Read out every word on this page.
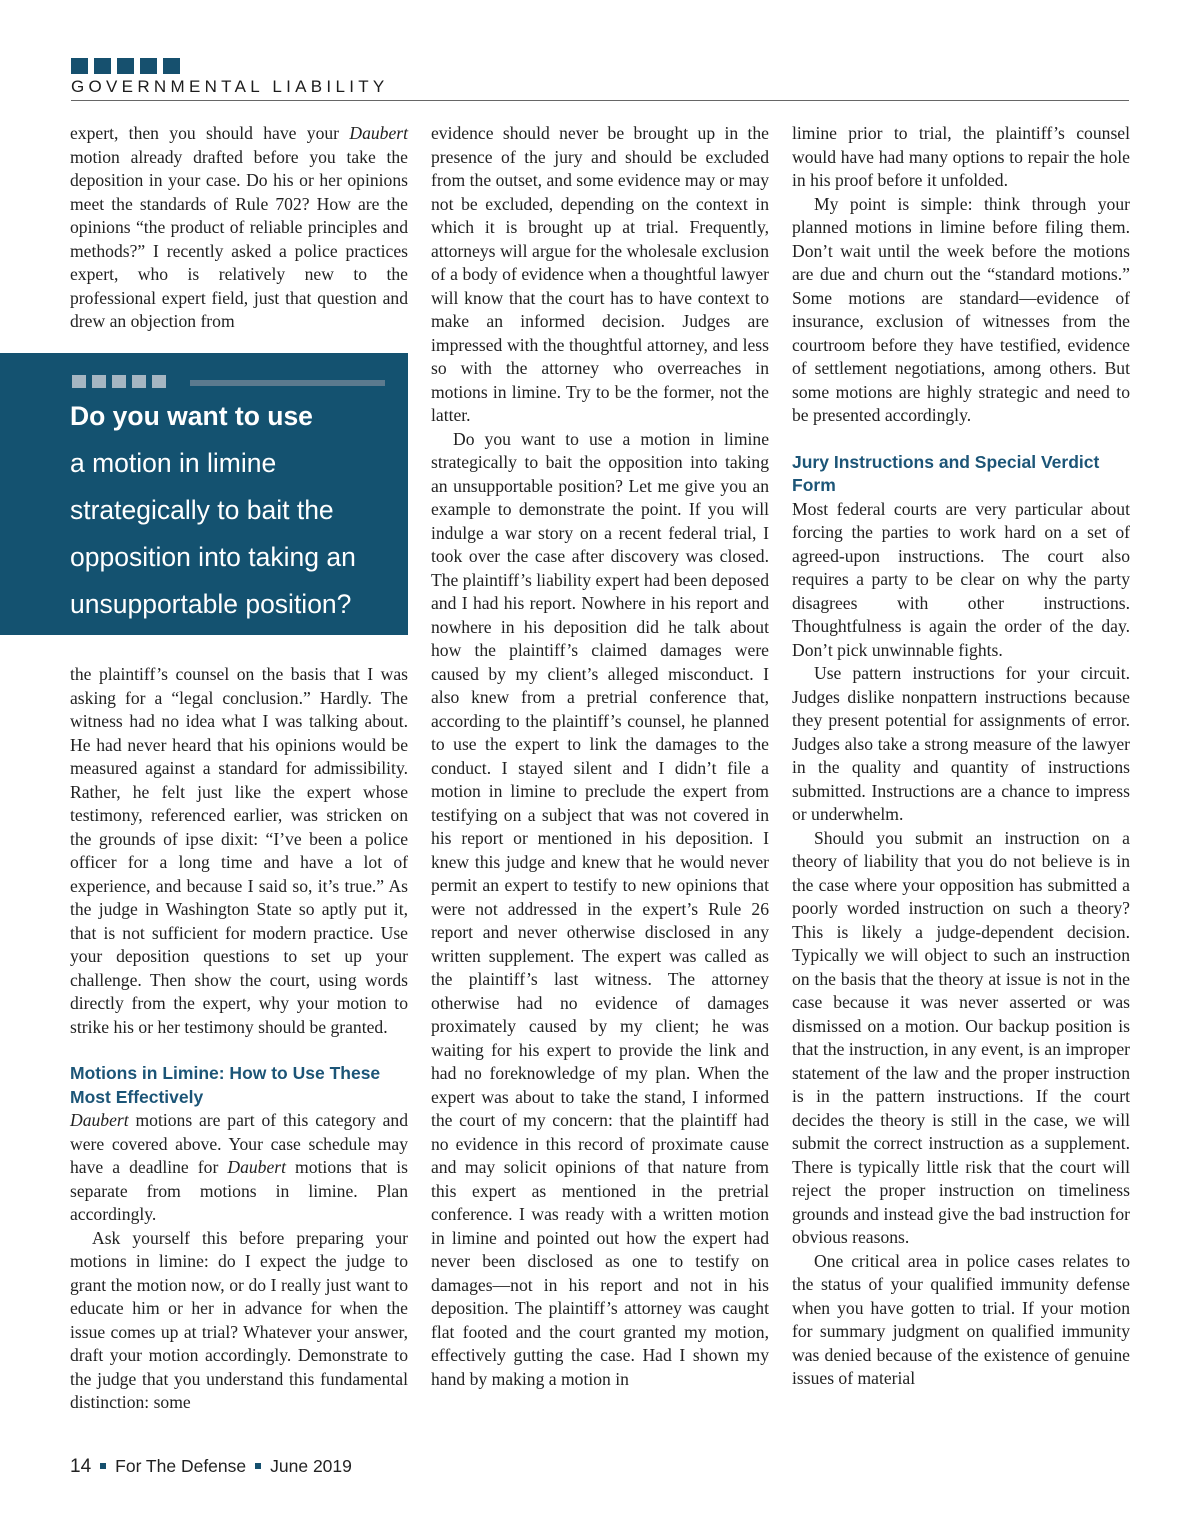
GOVERNMENTAL LIABILITY

expert, then you should have your Daubert motion already drafted before you take the deposition in your case. Do his or her opinions meet the standards of Rule 702? How are the opinions “the product of reliable principles and methods?” I recently asked a police practices expert, who is relatively new to the professional expert field, just that question and drew an objection from

Do you want to use
a motion in limine strategically to bait the opposition into taking an unsupportable position?

the plaintiff’s counsel on the basis that I was asking for a “legal conclusion.” Hardly. The witness had no idea what I was talking about. He had never heard that his opinions would be measured against a standard for admissibility. Rather, he felt just like the expert whose testimony, referenced earlier, was stricken on the grounds of ipse dixit: “I’ve been a police officer for a long time and have a lot of experience, and because I said so, it’s true.” As the judge in Washington State so aptly put it, that is not sufficient for modern practice. Use your deposition questions to set up your challenge. Then show the court, using words directly from the expert, why your motion to strike his or her testimony should be granted.

Motions in Limine: How to Use These Most Effectively

Daubert motions are part of this category and were covered above. Your case schedule may have a deadline for Daubert motions that is separate from motions in limine. Plan accordingly.

Ask yourself this before preparing your motions in limine: do I expect the judge to grant the motion now, or do I really just want to educate him or her in advance for when the issue comes up at trial? Whatever your answer, draft your motion accordingly. Demonstrate to the judge that you understand this fundamental distinction: some

evidence should never be brought up in the presence of the jury and should be excluded from the outset, and some evidence may or may not be excluded, depending on the context in which it is brought up at trial. Frequently, attorneys will argue for the wholesale exclusion of a body of evidence when a thoughtful lawyer will know that the court has to have context to make an informed decision. Judges are impressed with the thoughtful attorney, and less so with the attorney who overreaches in motions in limine. Try to be the former, not the latter.

Do you want to use a motion in limine strategically to bait the opposition into taking an unsupportable position? Let me give you an example to demonstrate the point. If you will indulge a war story on a recent federal trial, I took over the case after discovery was closed. The plaintiff’s liability expert had been deposed and I had his report. Nowhere in his report and nowhere in his deposition did he talk about how the plaintiff’s claimed damages were caused by my client’s alleged misconduct. I also knew from a pretrial conference that, according to the plaintiff’s counsel, he planned to use the expert to link the damages to the conduct. I stayed silent and I didn’t file a motion in limine to preclude the expert from testifying on a subject that was not covered in his report or mentioned in his deposition. I knew this judge and knew that he would never permit an expert to testify to new opinions that were not addressed in the expert’s Rule 26 report and never otherwise disclosed in any written supplement. The expert was called as the plaintiff’s last witness. The attorney otherwise had no evidence of damages proximately caused by my client; he was waiting for his expert to provide the link and had no foreknowledge of my plan. When the expert was about to take the stand, I informed the court of my concern: that the plaintiff had no evidence in this record of proximate cause and may solicit opinions of that nature from this expert as mentioned in the pretrial conference. I was ready with a written motion in limine and pointed out how the expert had never been disclosed as one to testify on damages—not in his report and not in his deposition. The plaintiff’s attorney was caught flat footed and the court granted my motion, effectively gutting the case. Had I shown my hand by making a motion in

limine prior to trial, the plaintiff’s counsel would have had many options to repair the hole in his proof before it unfolded.

My point is simple: think through your planned motions in limine before filing them. Don’t wait until the week before the motions are due and churn out the “standard motions.” Some motions are standard—evidence of insurance, exclusion of witnesses from the courtroom before they have testified, evidence of settlement negotiations, among others. But some motions are highly strategic and need to be presented accordingly.

Jury Instructions and Special Verdict Form

Most federal courts are very particular about forcing the parties to work hard on a set of agreed-upon instructions. The court also requires a party to be clear on why the party disagrees with other instructions. Thoughtfulness is again the order of the day. Don’t pick unwinnable fights.

Use pattern instructions for your circuit. Judges dislike nonpattern instructions because they present potential for assignments of error. Judges also take a strong measure of the lawyer in the quality and quantity of instructions submitted. Instructions are a chance to impress or underwhelm.

Should you submit an instruction on a theory of liability that you do not believe is in the case where your opposition has submitted a poorly worded instruction on such a theory? This is likely a judge-dependent decision. Typically we will object to such an instruction on the basis that the theory at issue is not in the case because it was never asserted or was dismissed on a motion. Our backup position is that the instruction, in any event, is an improper statement of the law and the proper instruction is in the pattern instructions. If the court decides the theory is still in the case, we will submit the correct instruction as a supplement. There is typically little risk that the court will reject the proper instruction on timeliness grounds and instead give the bad instruction for obvious reasons.

One critical area in police cases relates to the status of your qualified immunity defense when you have gotten to trial. If your motion for summary judgment on qualified immunity was denied because of the existence of genuine issues of material

14 For The Defense June 2019
